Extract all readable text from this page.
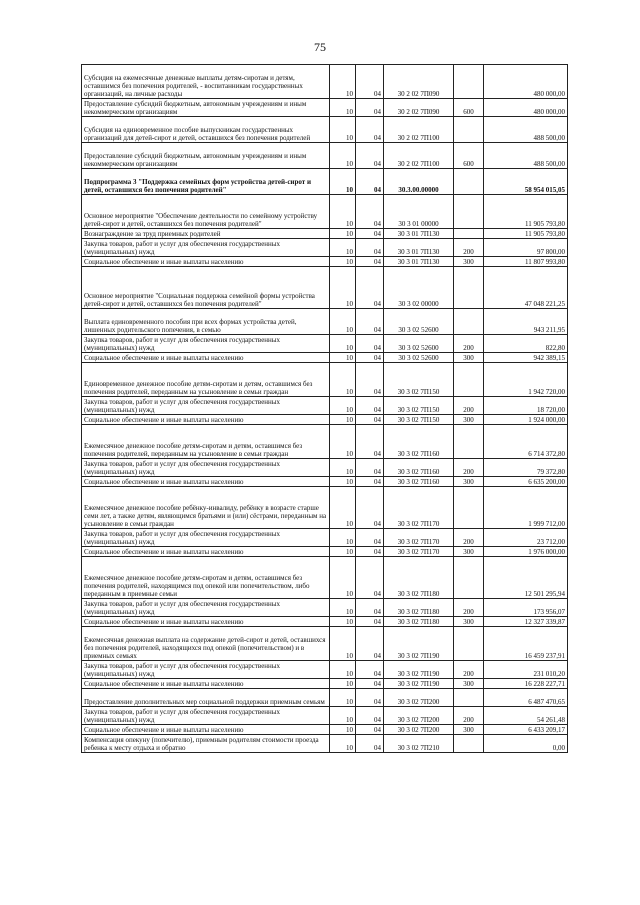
75
Субсидия на ежемесячные денежные выплаты детям-сиротам и детям, оставшимся без попечения родителей, - воспитанникам государственных организаций, на личные расходы	10	04	30 2 02 7П090		480 000,00
Предоставление субсидий бюджетным, автономным учреждениям и иным некоммерческим организациям	10	04	30 2 02 7П090	600	480 000,00
Субсидия на единовременное пособие выпускникам государственных организаций для детей-сирот и детей, оставшихся без попечения родителей	10	04	30 2 02 7П100		488 500,00
Предоставление субсидий бюджетным, автономным учреждениям и иным некоммерческим организациям	10	04	30 2 02 7П100	600	488 500,00
Подпрограмма 3 "Поддержка семейных форм устройства детей-сирот и детей, оставшихся без попечения родителей"	10	04	30.3.00.00000		58 954 015,05
Основное мероприятие "Обеспечение деятельности по семейному устройству детей-сирот и детей, оставшихся без попечения родителей"	10	04	30 3 01 00000		11 905 793,80
Вознаграждение за труд приемных родителей	10	04	30 3 01 7П130		11 905 793,80
Закупка товаров, работ и услуг для обеспечения государственных (муниципальных) нужд	10	04	30 3 01 7П130	200	97 800,00
Социальное обеспечение и иные выплаты населению	10	04	30 3 01 7П130	300	11 807 993,80
Основное мероприятие "Социальная поддержка семейной формы устройства детей-сирот и детей, оставшихся без попечения родителей"	10	04	30 3 02 00000		47 048 221,25
Выплата единовременного пособия при всех формах устройства детей, лишенных родительского попечения, в семью	10	04	30 3 02 52600		943 211,95
Закупка товаров, работ и услуг для обеспечения государственных (муниципальных) нужд	10	04	30 3 02 52600	200	822,80
Социальное обеспечение и иные выплаты населению	10	04	30 3 02 52600	300	942 389,15
Единовременное денежное пособие детям-сиротам и детям, оставшимся без попечения родителей, переданным на усыновление в семьи граждан	10	04	30 3 02 7П150		1 942 720,00
Закупка товаров, работ и услуг для обеспечения государственных (муниципальных) нужд	10	04	30 3 02 7П150	200	18 720,00
Социальное обеспечение и иные выплаты населению	10	04	30 3 02 7П150	300	1 924 000,00
Ежемесячное денежное пособие детям-сиротам и детям, оставшимся без попечения родителей, переданным на усыновление в семьи граждан	10	04	30 3 02 7П160		6 714 372,80
Закупка товаров, работ и услуг для обеспечения государственных (муниципальных) нужд	10	04	30 3 02 7П160	200	79 372,80
Социальное обеспечение и иные выплаты населению	10	04	30 3 02 7П160	300	6 635 200,00
Ежемесячное денежное пособие ребёнку-инвалиду, ребёнку в возрасте старше семи лет, а также детям, являющимся братьями и (или) сёстрами, переданным на усыновление в семьи граждан	10	04	30 3 02 7П170		1 999 712,00
Закупка товаров, работ и услуг для обеспечения государственных (муниципальных) нужд	10	04	30 3 02 7П170	200	23 712,00
Социальное обеспечение и иные выплаты населению	10	04	30 3 02 7П170	300	1 976 000,00
Ежемесячное денежное пособие детям-сиротам и детям, оставшимся без попечения родителей, находящимся под опекой или попечительством, либо переданным в приемные семьи	10	04	30 3 02 7П180		12 501 295,94
Закупка товаров, работ и услуг для обеспечения государственных (муниципальных) нужд	10	04	30 3 02 7П180	200	173 956,07
Социальное обеспечение и иные выплаты населению	10	04	30 3 02 7П180	300	12 327 339,87
Ежемесячная денежная выплата на содержание детей-сирот и детей, оставшихся без попечения родителей, находящихся под опекой (попечительством) и в приемных семьях	10	04	30 3 02 7П190		16 459 237,91
Закупка товаров, работ и услуг для обеспечения государственных (муниципальных) нужд	10	04	30 3 02 7П190	200	231 010,20
Социальное обеспечение и иные выплаты населению	10	04	30 3 02 7П190	300	16 228 227,71
Предоставление дополнительных мер социальной поддержки приемным семьям	10	04	30 3 02 7П200		6 487 470,65
Закупка товаров, работ и услуг для обеспечения государственных (муниципальных) нужд	10	04	30 3 02 7П200	200	54 261,48
Социальное обеспечение и иные выплаты населению	10	04	30 3 02 7П200	300	6 433 209,17
Компенсация опекуну (попечителю), приемным родителям стоимости проезда ребенка к месту отдыха и обратно	10	04	30 3 02 7П210		0,00
